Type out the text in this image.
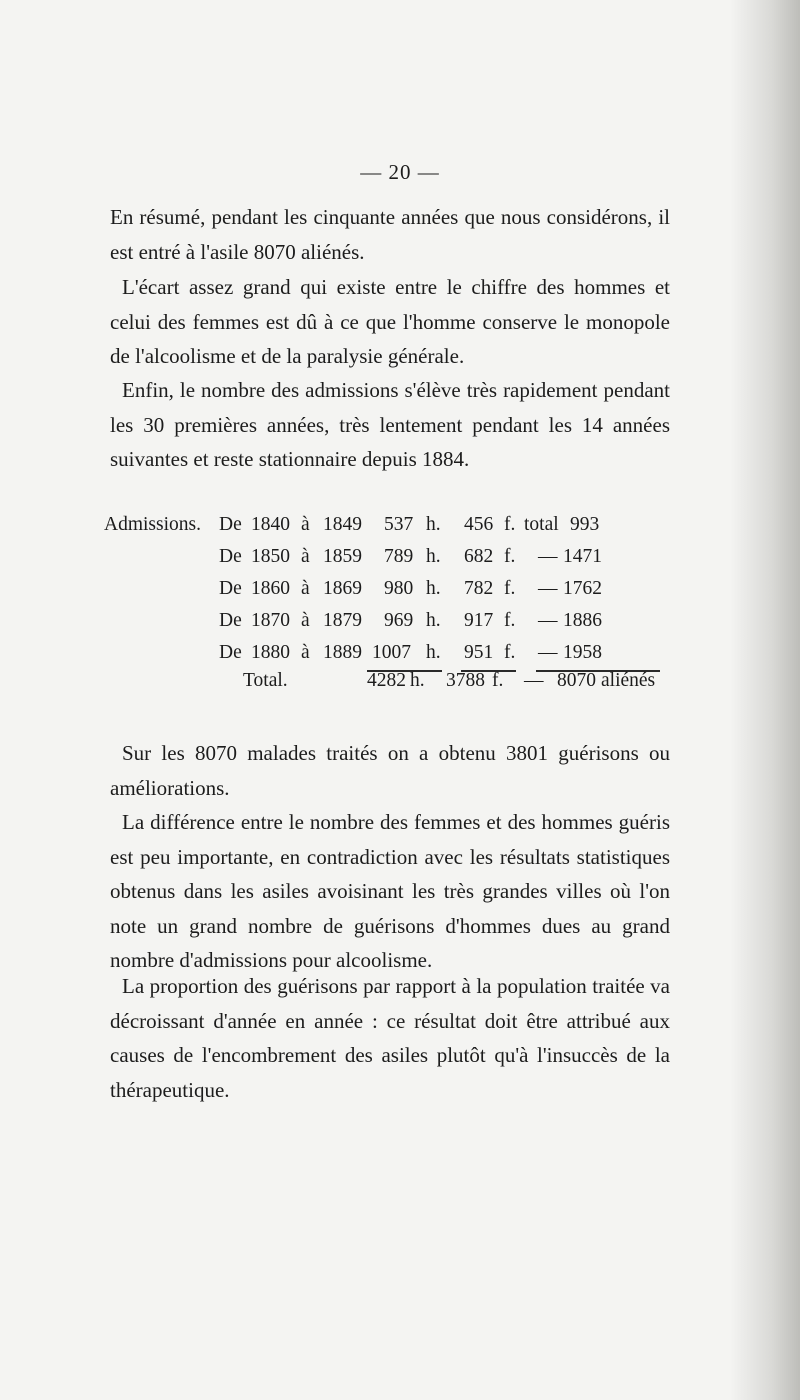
— 20 —

En résumé, pendant les cinquante années que nous considérons, il est entré à l'asile 8070 aliénés.

L'écart assez grand qui existe entre le chiffre des hommes et celui des femmes est dû à ce que l'homme conserve le monopole de l'alcoolisme et de la paralysie générale.

Enfin, le nombre des admissions s'élève très rapidement pendant les 30 premières années, très lentement pendant les 14 années suivantes et reste stationnaire depuis 1884.

Admissions. De 1840 à 1849 537 h. 456 f. total 993
De 1850 à 1859 789 h. 682 f. — 1471
De 1860 à 1869 980 h. 782 f. — 1762
De 1870 à 1879 969 h. 917 f. — 1886
De 1880 à 1889 1007 h. 951 f. — 1958
Total.	4282 h. 3788 f. — 8070 aliénés

Sur les 8070 malades traités on a obtenu 3801 guérisons ou améliorations.

La différence entre le nombre des femmes et des hommes guéris est peu importante, en contradiction avec les résultats statistiques obtenus dans les asiles avoisinant les très grandes villes où l'on note un grand nombre de guérisons d'hommes dues au grand nombre d'admissions pour alcoolisme.

La proportion des guérisons par rapport à la population traitée va décroissant d'année en année : ce résultat doit être attribué aux causes de l'encombrement des asiles plutôt qu'à l'insuccès de la thérapeutique.
